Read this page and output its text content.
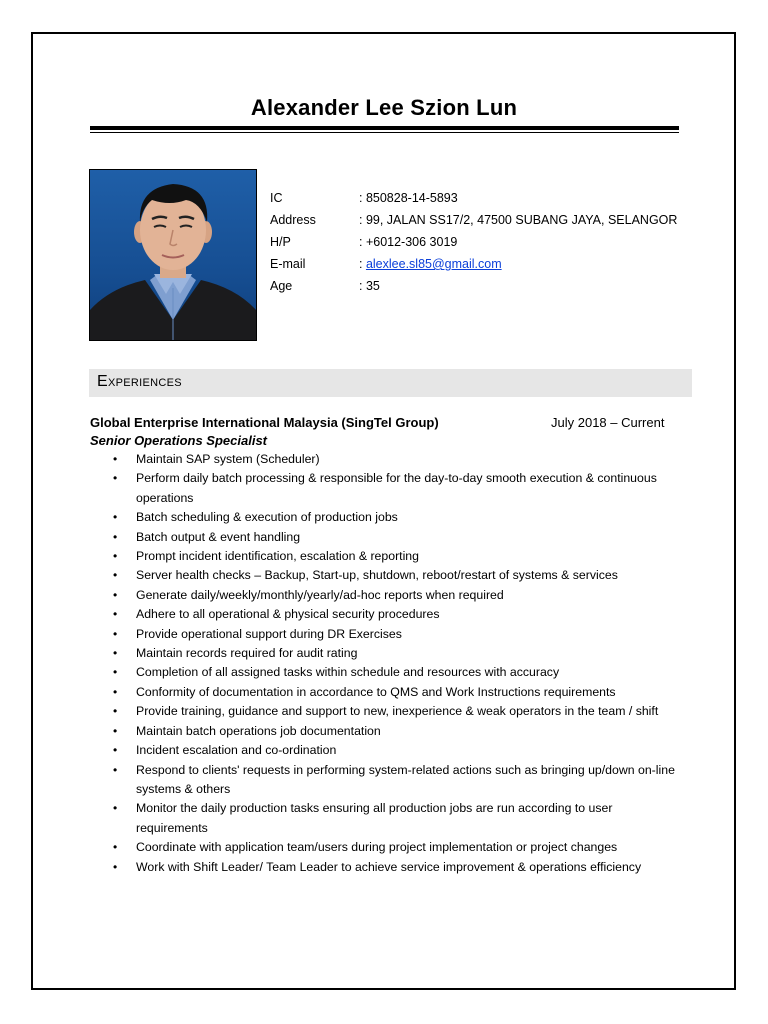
Alexander Lee Szion Lun
IC	: 850828-14-5893
Address	: 99, JALAN SS17/2, 47500 SUBANG JAYA, SELANGOR
H/P	: +6012-306 3019
E-mail	: alexlee.sl85@gmail.com
Age	: 35
Experiences
Global Enterprise International Malaysia (SingTel Group)	July 2018 – Current
Senior Operations Specialist
• Maintain SAP system (Scheduler)
• Perform daily batch processing & responsible for the day-to-day smooth execution & continuous operations
• Batch scheduling & execution of production jobs
• Batch output & event handling
• Prompt incident identification, escalation & reporting
• Server health checks – Backup, Start-up, shutdown, reboot/restart of systems & services
• Generate daily/weekly/monthly/yearly/ad-hoc reports when required
• Adhere to all operational & physical security procedures
• Provide operational support during DR Exercises
• Maintain records required for audit rating
• Completion of all assigned tasks within schedule and resources with accuracy
• Conformity of documentation in accordance to QMS and Work Instructions requirements
• Provide training, guidance and support to new, inexperience & weak operators in the team / shift
• Maintain batch operations job documentation
• Incident escalation and co-ordination
• Respond to clients' requests in performing system-related actions such as bringing up/down on-line systems & others
• Monitor the daily production tasks ensuring all production jobs are run according to user requirements
• Coordinate with application team/users during project implementation or project changes
• Work with Shift Leader/ Team Leader to achieve service improvement & operations efficiency
